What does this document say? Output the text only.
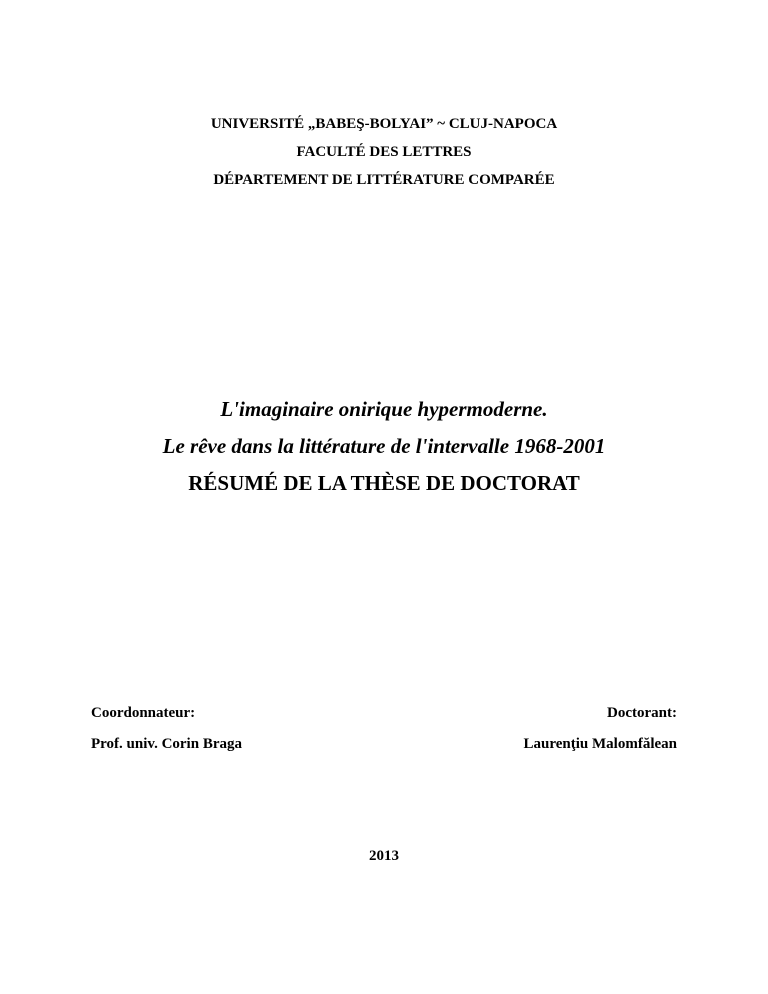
UNIVERSITÉ „BABEŞ-BOLYAI” ~ CLUJ-NAPOCA
FACULTÉ DES LETTRES
DÉPARTEMENT DE LITTÉRATURE COMPARÉE
L'imaginaire onirique hypermoderne.
Le rêve dans la littérature de l'intervalle 1968-2001
RÉSUMÉ DE LA THÈSE DE DOCTORAT
Coordonnateur:
Prof. univ. Corin Braga
Doctorant:
Laurenţiu Malomfălean
2013
